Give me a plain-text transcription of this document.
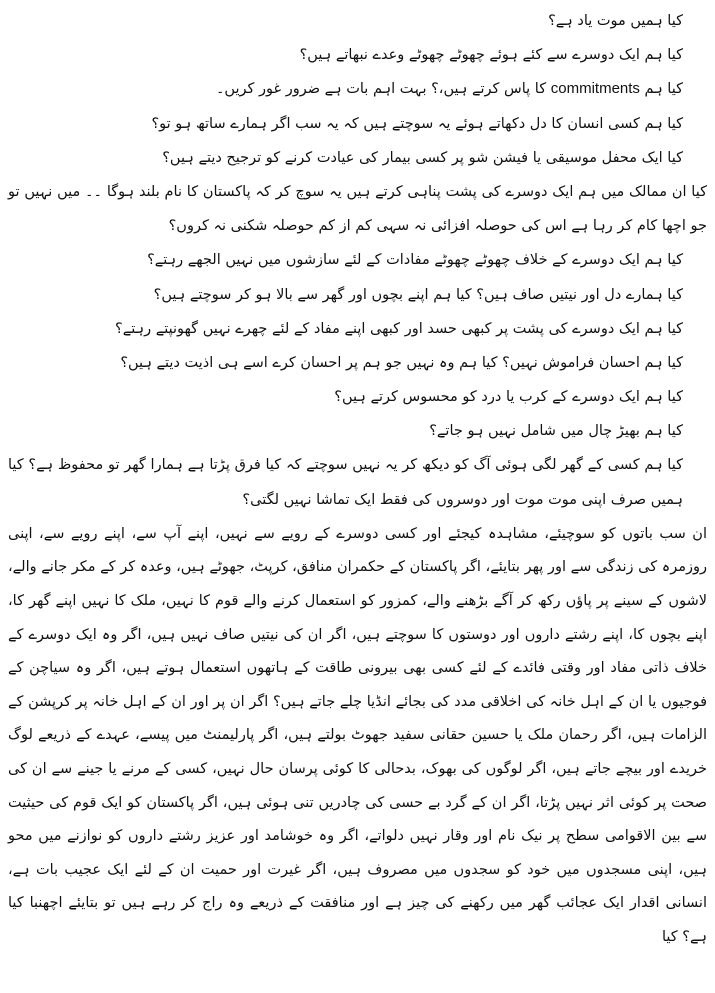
کیا ہمیں موت یاد ہے؟
کیا ہم ایک دوسرے سے کئے ہوئے چھوٹے چھوٹے وعدے نبھاتے ہیں؟
کیا ہم commitments کا پاس کرتے ہیں،؟ بہت اہم بات ہے ضرور غور کریں۔
کیا ہم کسی انسان کا دل دکھاتے ہوئے یہ سوچتے ہیں کہ یہ سب اگر ہمارے ساتھ ہو تو؟
کیا ایک محفل موسیقی یا فیشن شو پر کسی بیمار کی عیادت کرنے کو ترجیح دیتے ہیں؟
کیا ان ممالک میں ہم ایک دوسرے کی پشت پناہی کرتے ہیں یہ سوچ کر کہ پاکستان کا نام بلند ہوگا ۔۔ میں نہیں تو جو اچھا کام کر رہا ہے اس کی حوصلہ افزائی نہ سہی کم از کم حوصلہ شکنی نہ کروں؟
کیا ہم ایک دوسرے کے خلاف چھوٹے چھوٹے مفادات کے لئے سازشوں میں نہیں الجھے رہتے؟
کیا ہمارے دل اور نیتیں صاف ہیں؟ کیا ہم اپنے بچوں اور گھر سے بالا ہو کر سوچتے ہیں؟
کیا ہم ایک دوسرے کی پشت پر کبھی حسد اور کبھی اپنے مفاد کے لئے چھرے نہیں گھونپتے رہتے؟
کیا ہم احسان فراموش نہیں؟ کیا ہم وہ نہیں جو ہم پر احسان کرے اسے ہی اذیت دیتے ہیں؟
کیا ہم ایک دوسرے کے کرب یا درد کو محسوس کرتے ہیں؟
کیا ہم بھیڑ چال میں شامل نہیں ہو جاتے؟
کیا ہم کسی کے گھر لگی ہوئی آگ کو دیکھ کر یہ نہیں سوچتے کہ کیا فرق پڑتا ہے ہمارا گھر تو محفوظ ہے؟ کیا ہمیں صرف اپنی موت موت اور دوسروں کی فقط ایک تماشا نہیں لگتی؟
ان سب باتوں کو سوچیئے، مشاہدہ کیجئے اور کسی دوسرے کے رویے سے نہیں، اپنے آپ سے، اپنے رویے سے، اپنی روزمرہ کی زندگی سے اور پھر بتایئے، اگر پاکستان کے حکمران منافق، کرپٹ، جھوٹے ہیں، وعدہ کر کے مکر جانے والے، لاشوں کے سینے پر پاؤں رکھ کر آگے بڑھنے والے، کمزور کو استعمال کرنے والے قوم کا نہیں، ملک کا نہیں اپنے گھر کا، اپنے بچوں کا، اپنے رشتے داروں اور دوستوں کا سوچتے ہیں، اگر ان کی نیتیں صاف نہیں ہیں، اگر وہ ایک دوسرے کے خلاف ذاتی مفاد اور وقتی فائدے کے لئے کسی بھی بیرونی طاقت کے ہاتھوں استعمال ہوتے ہیں، اگر وہ سیاچن کے فوجیوں یا ان کے اہل خانہ کی اخلاقی مدد کی بجائے انڈیا چلے جاتے ہیں؟ اگر ان پر اور ان کے اہل خانہ پر کرپشن کے الزامات ہیں، اگر رحمان ملک یا حسین حقانی سفید جھوٹ بولتے ہیں، اگر پارلیمنٹ میں پیسے، عہدے کے ذریعے لوگ خریدے اور بیچے جاتے ہیں، اگر لوگوں کی بھوک، بدحالی کا کوئی پرسان حال نہیں، کسی کے مرنے یا جینے سے ان کی صحت پر کوئی اثر نہیں پڑتا، اگر ان کے گرد بے حسی کی چادریں تنی ہوئی ہیں، اگر پاکستان کو ایک قوم کی حیثیت سے بین الاقوامی سطح پر نیک نام اور وقار نہیں دلواتے، اگر وہ خوشامد اور عزیز رشتے داروں کو نوازنے میں محو ہیں، اپنی مسجدوں میں خود کو سجدوں میں مصروف ہیں، اگر غیرت اور حمیت ان کے لئے ایک عجیب بات ہے، انسانی اقدار ایک عجائب گھر میں رکھنے کی چیز ہے اور منافقت کے ذریعے وہ راج کر رہے ہیں تو بتایئے اچھنبا کیا ہے؟ کیا
